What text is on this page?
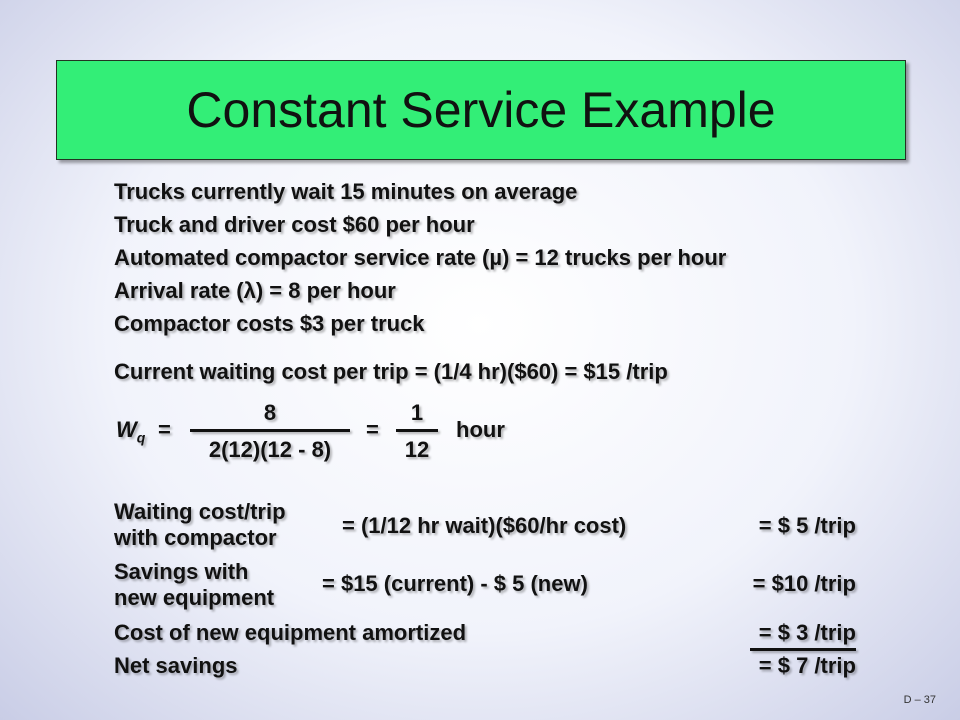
Constant Service Example
Trucks currently wait 15 minutes on average
Truck and driver cost $60 per hour
Automated compactor service rate (µ) = 12 trucks per hour
Arrival rate (λ) = 8 per hour
Compactor costs $3 per truck
Current waiting cost per trip = (1/4 hr)($60) = $15 /trip
$W_q$ =
8
2(12)(12 - 8)
=
1
12
hour
Waiting cost/trip
with compactor	= (1/12 hr wait)($60/hr cost)	= $ 5 /trip
Savings with
new equipment
= $15 (current) - $ 5 (new)	= $10 /trip
Cost of new equipment amortized	= $ 3 /trip
Net savings	= $ 7 /trip
D – 37
